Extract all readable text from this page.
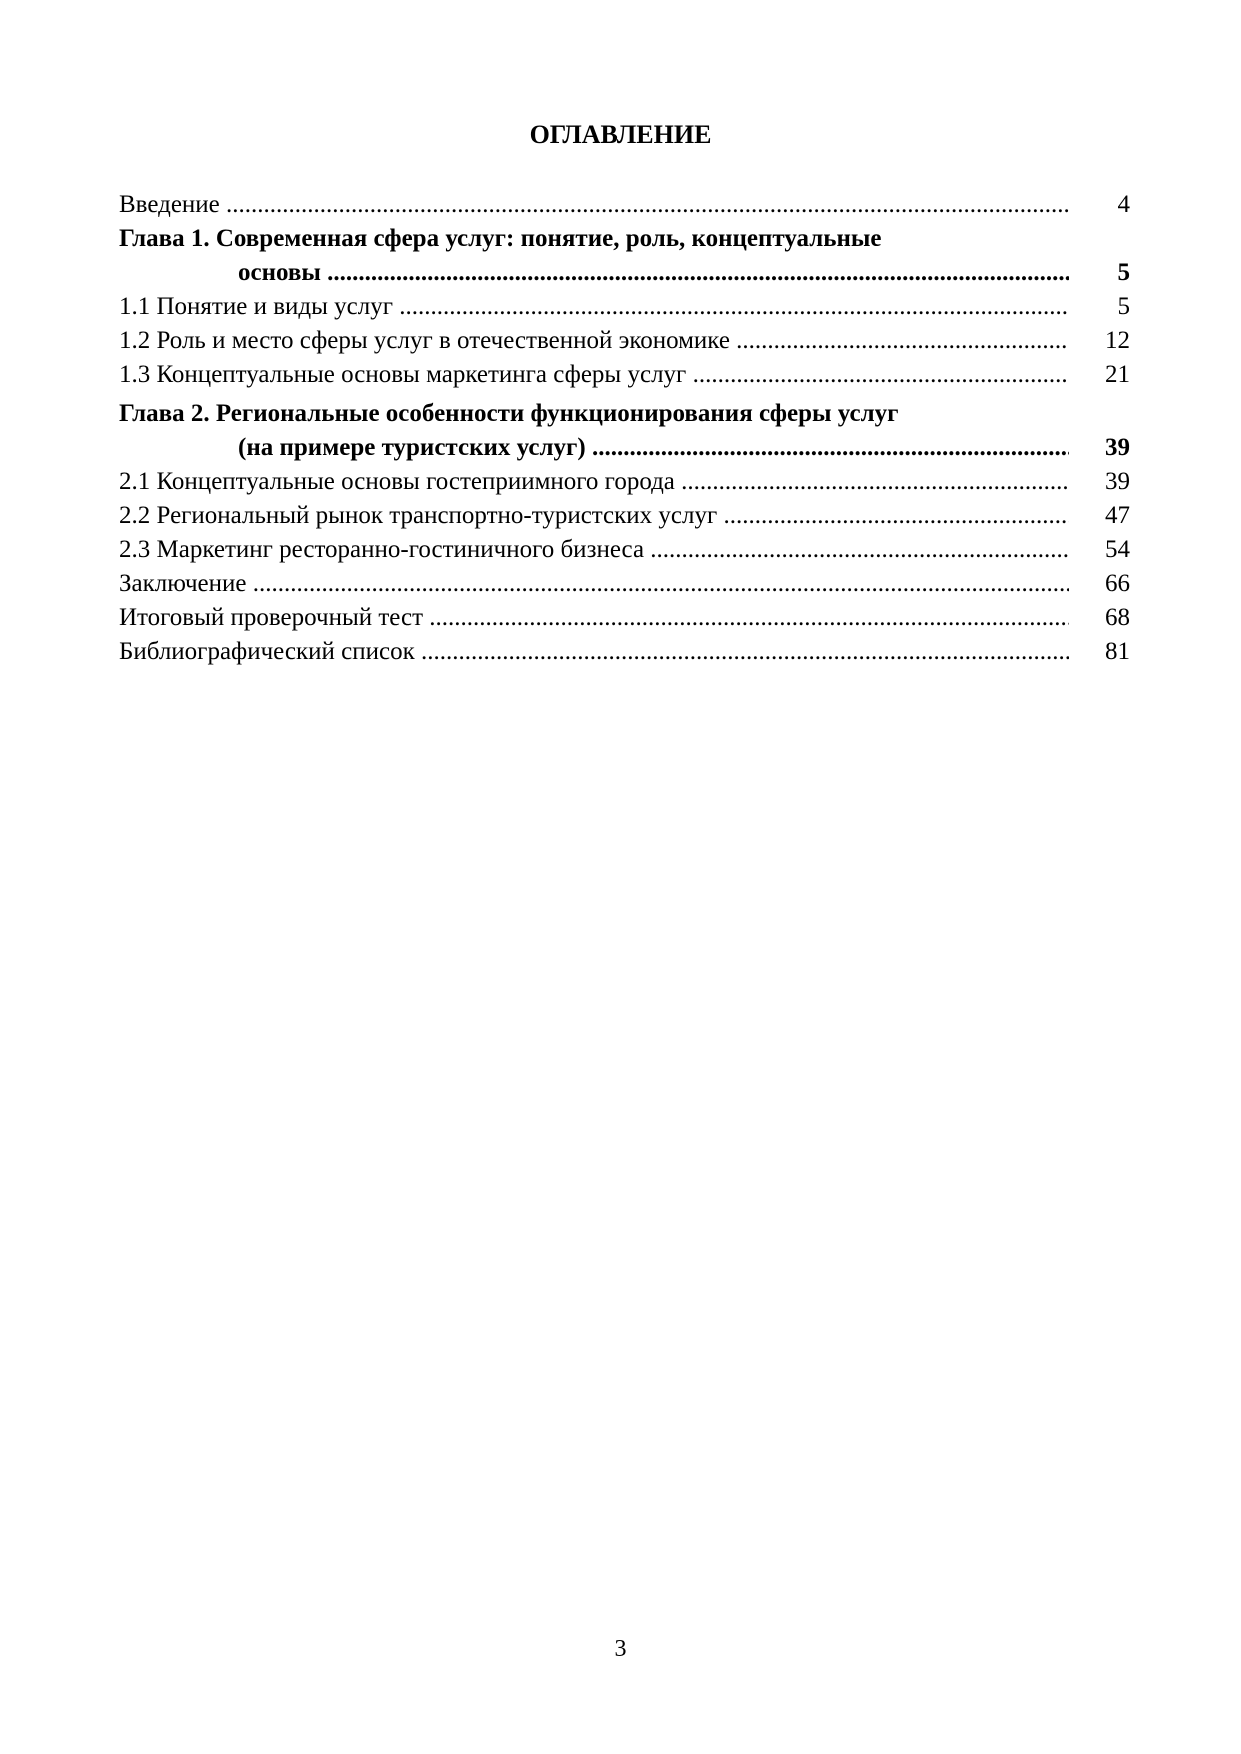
ОГЛАВЛЕНИЕ
Введение .....	4
Глава 1. Современная сфера услуг: понятие, роль, концептуальные
основы .....	5
1.1 Понятие и виды услуг .....	5
1.2 Роль и место сферы услуг в отечественной экономике .....	12
1.3 Концептуальные основы маркетинга сферы услуг .....	21
Глава 2. Региональные особенности функционирования сферы услуг
(на примере туристских услуг) .....	39
2.1 Концептуальные основы гостеприимного города .....	39
2.2 Региональный рынок транспортно-туристских услуг .....	47
2.3 Маркетинг ресторанно-гостиничного бизнеса .....	54
Заключение .....	66
Итоговый проверочный тест .....	68
Библиографический список .....	81
3
